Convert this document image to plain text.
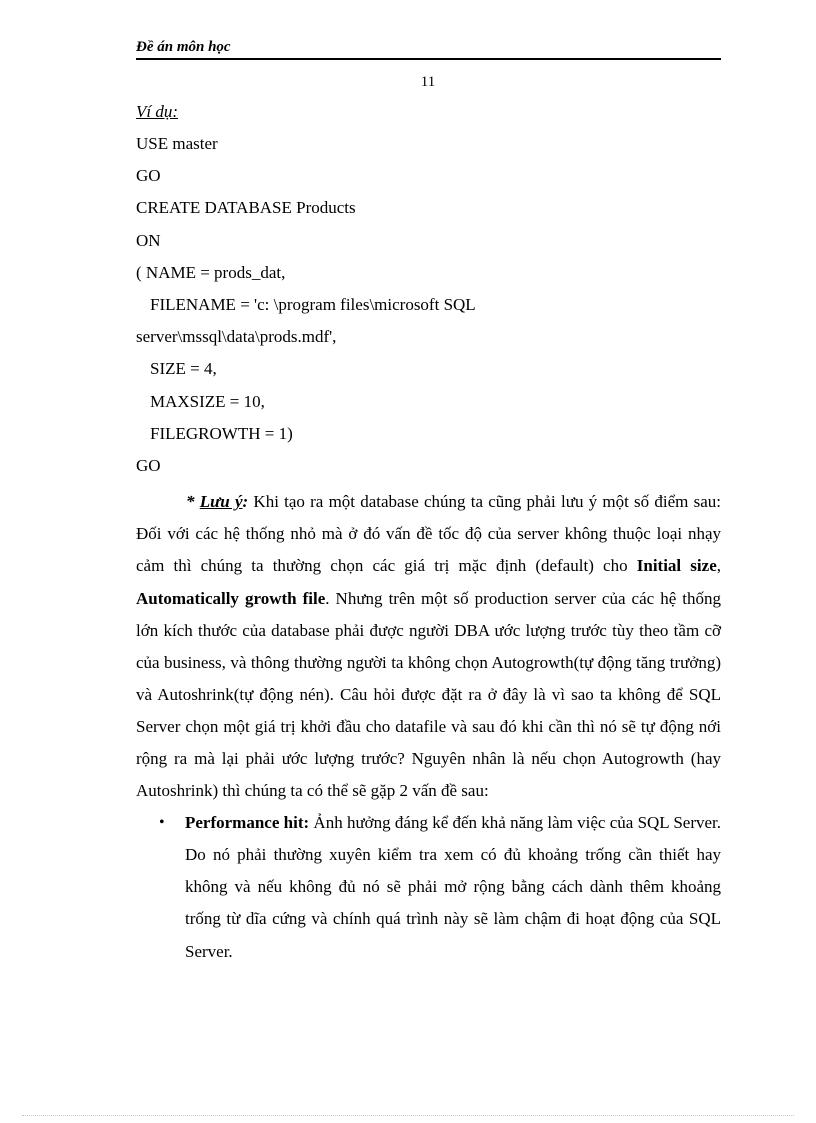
Đề án môn học
11
Ví dụ:
USE master
GO
CREATE DATABASE Products
ON
( NAME = prods_dat,
FILENAME = 'c: \program files\microsoft SQL
server\mssql\data\prods.mdf',
SIZE = 4,
MAXSIZE = 10,
FILEGROWTH = 1)
GO

* Lưu ý: Khi tạo ra một database chúng ta cũng phải lưu ý một số điểm sau: Đối với các hệ thống nhỏ mà ở đó vấn đề tốc độ của server không thuộc loại nhạy cảm thì chúng ta thường chọn các giá trị mặc định (default) cho Initial size, Automatically growth file. Nhưng trên một số production server của các hệ thống lớn kích thước của database phải được người DBA ước lượng trước tùy theo tầm cỡ của business, và thông thường người ta không chọn Autogrowth(tự động tăng trưởng) và Autoshrink(tự động nén). Câu hỏi được đặt ra ở đây là vì sao ta không để SQL Server chọn một giá trị khởi đầu cho datafile và sau đó khi cần thì nó sẽ tự động nới rộng ra mà lại phải ước lượng trước? Nguyên nhân là nếu chọn Autogrowth (hay Autoshrink) thì chúng ta có thể sẽ gặp 2 vấn đề sau:

• Performance hit: Ảnh hưởng đáng kể đến khả năng làm việc của SQL Server. Do nó phải thường xuyên kiểm tra xem có đủ khoảng trống cần thiết hay không và nếu không đủ nó sẽ phải mở rộng bằng cách dành thêm khoảng trống từ dĩa cứng và chính quá trình này sẽ làm chậm đi hoạt động của SQL Server.
